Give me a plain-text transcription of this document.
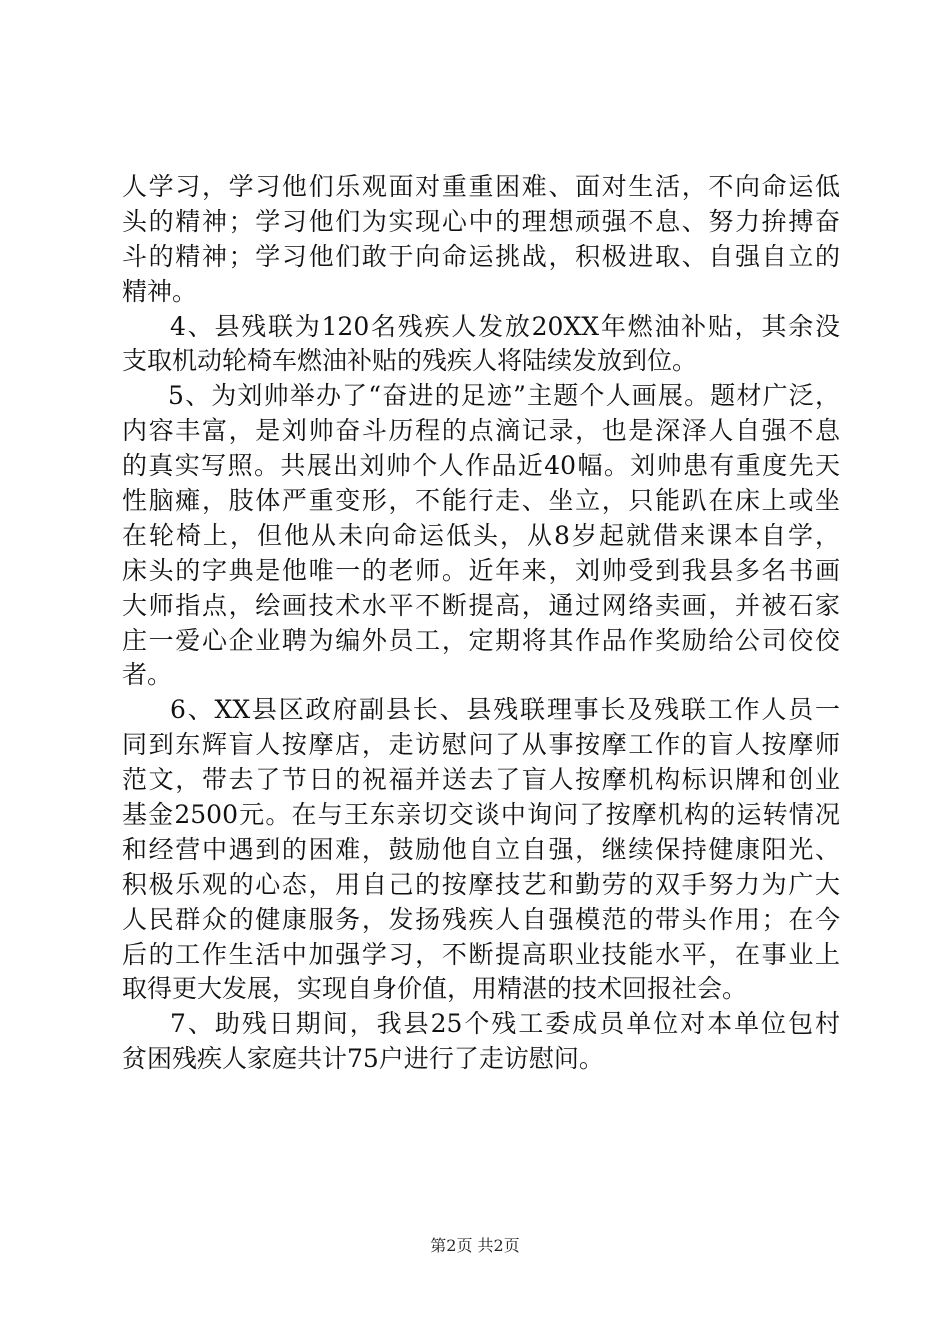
人学习，学习他们乐观面对重重困难、面对生活，不向命运低
头的精神；学习他们为实现心中的理想顽强不息、努力拚搏奋
斗的精神；学习他们敢于向命运挑战，积极进取、自强自立的
精神。
4、县残联为120名残疾人发放20XX年燃油补贴，其余没
支取机动轮椅车燃油补贴的残疾人将陆续发放到位。
5、为刘帅举办了“奋进的足迹”主题个人画展。题材广泛，
内容丰富，是刘帅奋斗历程的点滴记录，也是深泽人自强不息
的真实写照。共展出刘帅个人作品近40幅。刘帅患有重度先天
性脑瘫，肢体严重变形，不能行走、坐立，只能趴在床上或坐
在轮椅上，但他从未向命运低头，从8岁起就借来课本自学，
床头的字典是他唯一的老师。近年来，刘帅受到我县多名书画
大师指点，绘画技术水平不断提高，通过网络卖画，并被石家
庄一爱心企业聘为编外员工，定期将其作品作奖励给公司佼佼
者。
6、XX县区政府副县长、县残联理事长及残联工作人员一
同到东辉盲人按摩店，走访慰问了从事按摩工作的盲人按摩师
范文，带去了节日的祝福并送去了盲人按摩机构标识牌和创业
基金2500元。在与王东亲切交谈中询问了按摩机构的运转情况
和经营中遇到的困难，鼓励他自立自强，继续保持健康阳光、
积极乐观的心态，用自己的按摩技艺和勤劳的双手努力为广大
人民群众的健康服务，发扬残疾人自强模范的带头作用；在今
后的工作生活中加强学习，不断提高职业技能水平，在事业上
取得更大发展，实现自身价值，用精湛的技术回报社会。
7、助残日期间，我县25个残工委成员单位对本单位包村
贫困残疾人家庭共计75户进行了走访慰问。
第2页 共2页
